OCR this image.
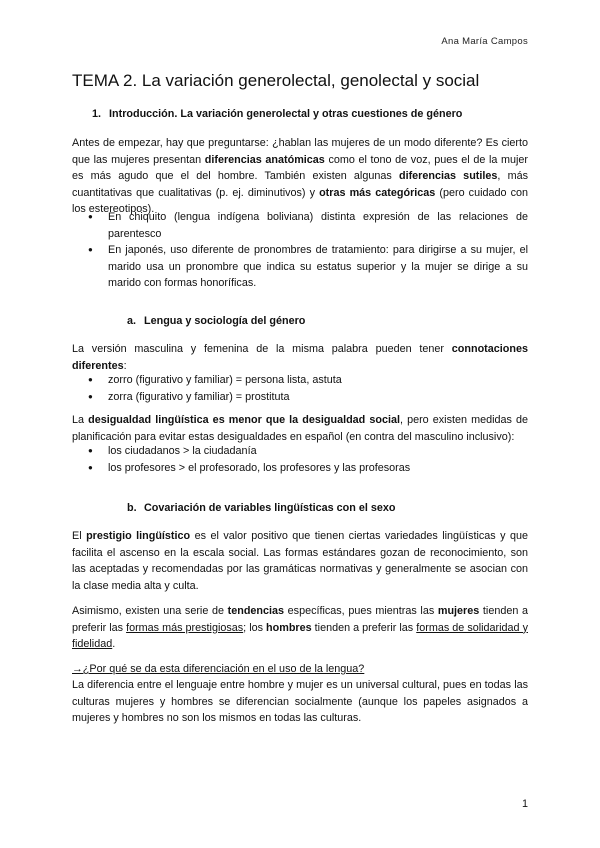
Ana María Campos
TEMA 2. La variación generolectal, genolectal y social
1. Introducción. La variación generolectal y otras cuestiones de género

Antes de empezar, hay que preguntarse: ¿hablan las mujeres de un modo diferente? Es cierto que las mujeres presentan diferencias anatómicas como el tono de voz, pues el de la mujer es más agudo que el del hombre. También existen algunas diferencias sutiles, más cuantitativas que cualitativas (p. ej. diminutivos) y otras más categóricas (pero cuidado con los estereotipos).

● En chiquito (lengua indígena boliviana) distinta expresión de las relaciones de parentesco
● En japonés, uso diferente de pronombres de tratamiento: para dirigirse a su mujer, el marido usa un pronombre que indica su estatus superior y la mujer se dirige a su marido con formas honoríficas.
a. Lengua y sociología del género

La versión masculina y femenina de la misma palabra pueden tener connotaciones diferentes:

● zorro (figurativo y familiar) = persona lista, astuta
● zorra (figurativo y familiar) = prostituta

La desigualdad lingüística es menor que la desigualdad social, pero existen medidas de planificación para evitar estas desigualdades en español (en contra del masculino inclusivo):

● los ciudadanos > la ciudadanía
● los profesores > el profesorado, los profesores y las profesoras
b. Covariación de variables lingüísticas con el sexo

El prestigio lingüístico es el valor positivo que tienen ciertas variedades lingüísticas y que facilita el ascenso en la escala social. Las formas estándares gozan de reconocimiento, son las aceptadas y recomendadas por las gramáticas normativas y generalmente se asocian con la clase media alta y culta.

Asimismo, existen una serie de tendencias específicas, pues mientras las mujeres tienden a preferir las formas más prestigiosas; los hombres tienden a preferir las formas de solidaridad y fidelidad.

→¿Por qué se da esta diferenciación en el uso de la lengua?

La diferencia entre el lenguaje entre hombre y mujer es un universal cultural, pues en todas las culturas mujeres y hombres se diferencian socialmente (aunque los papeles asignados a mujeres y hombres no son los mismos en todas las culturas.

1
